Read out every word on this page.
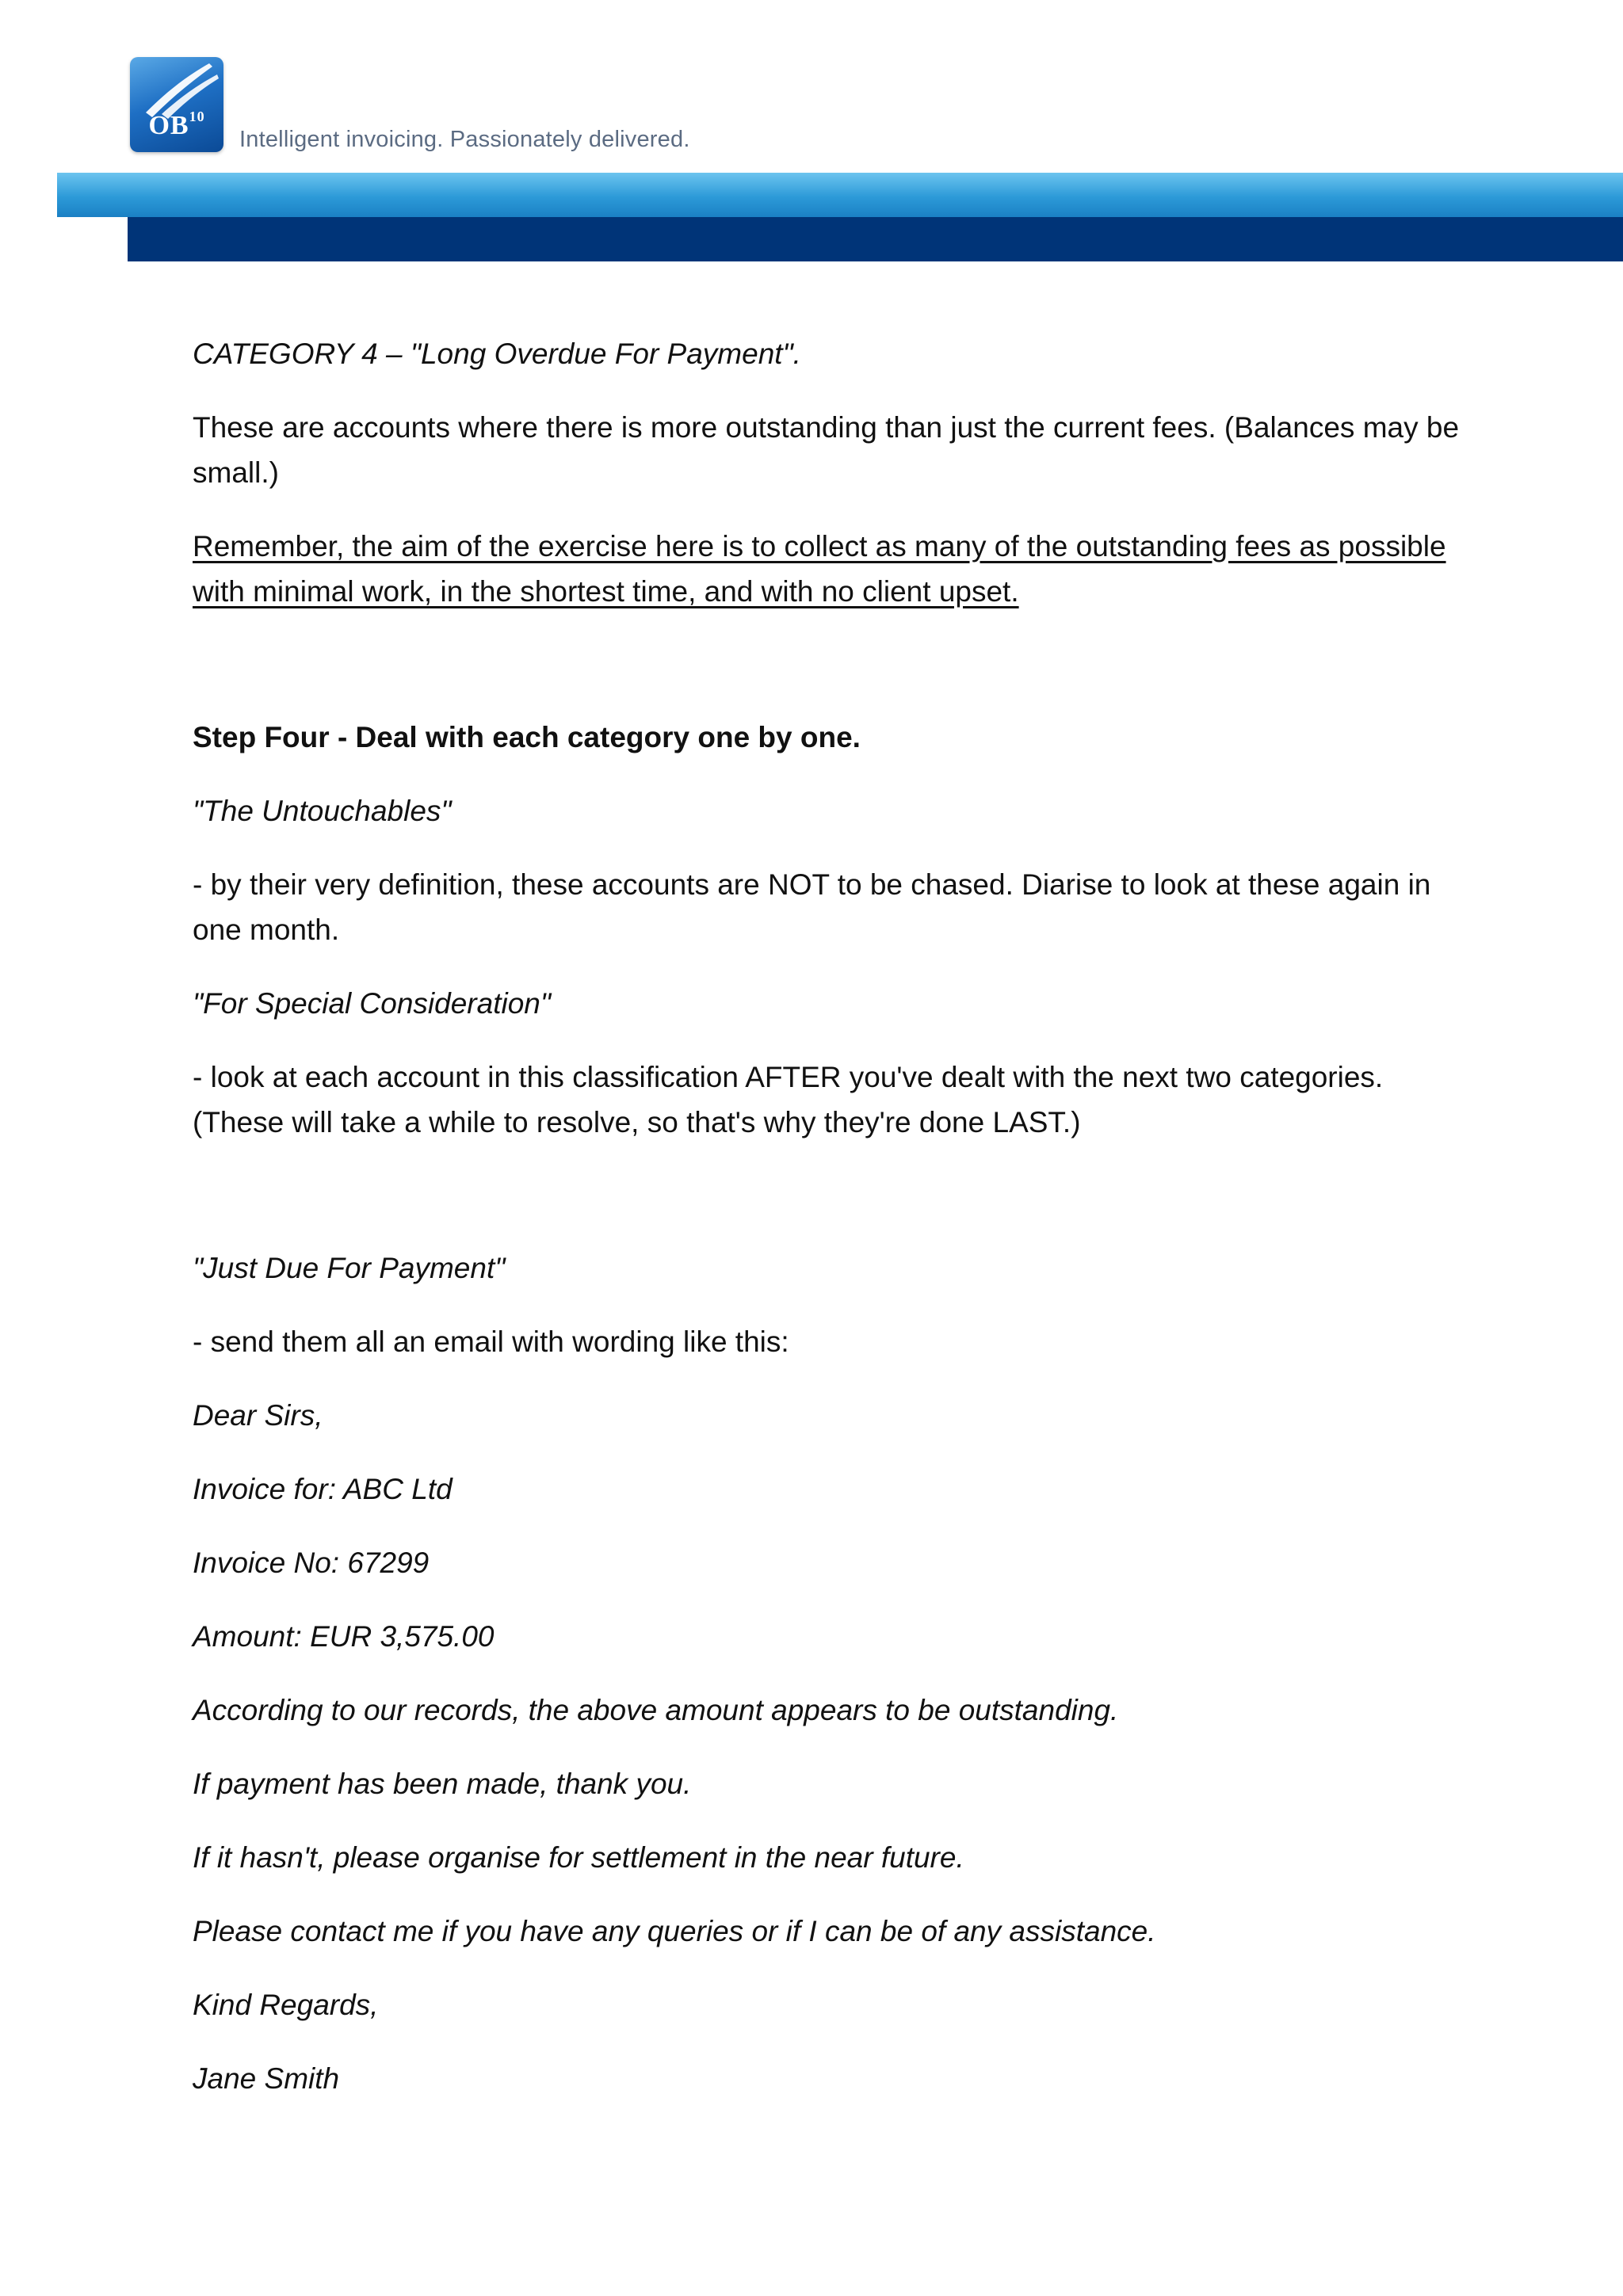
OB$^{10}$
Intelligent invoicing. Passionately delivered.

CATEGORY 4 – "Long Overdue For Payment".

These are accounts where there is more outstanding than just the current fees. (Balances may be small.)

Remember, the aim of the exercise here is to collect as many of the outstanding fees as possible with minimal work, in the shortest time, and with no client upset.

Step Four - Deal with each category one by one.

"The Untouchables"

- by their very definition, these accounts are NOT to be chased. Diarise to look at these again in one month.

"For Special Consideration"

- look at each account in this classification AFTER you've dealt with the next two categories. (These will take a while to resolve, so that's why they're done LAST.)

"Just Due For Payment"

- send them all an email with wording like this:

Dear Sirs,

Invoice for: ABC Ltd

Invoice No: 67299

Amount: EUR 3,575.00

According to our records, the above amount appears to be outstanding.

If payment has been made, thank you.

If it hasn't, please organise for settlement in the near future.

Please contact me if you have any queries or if I can be of any assistance.

Kind Regards,

Jane Smith
